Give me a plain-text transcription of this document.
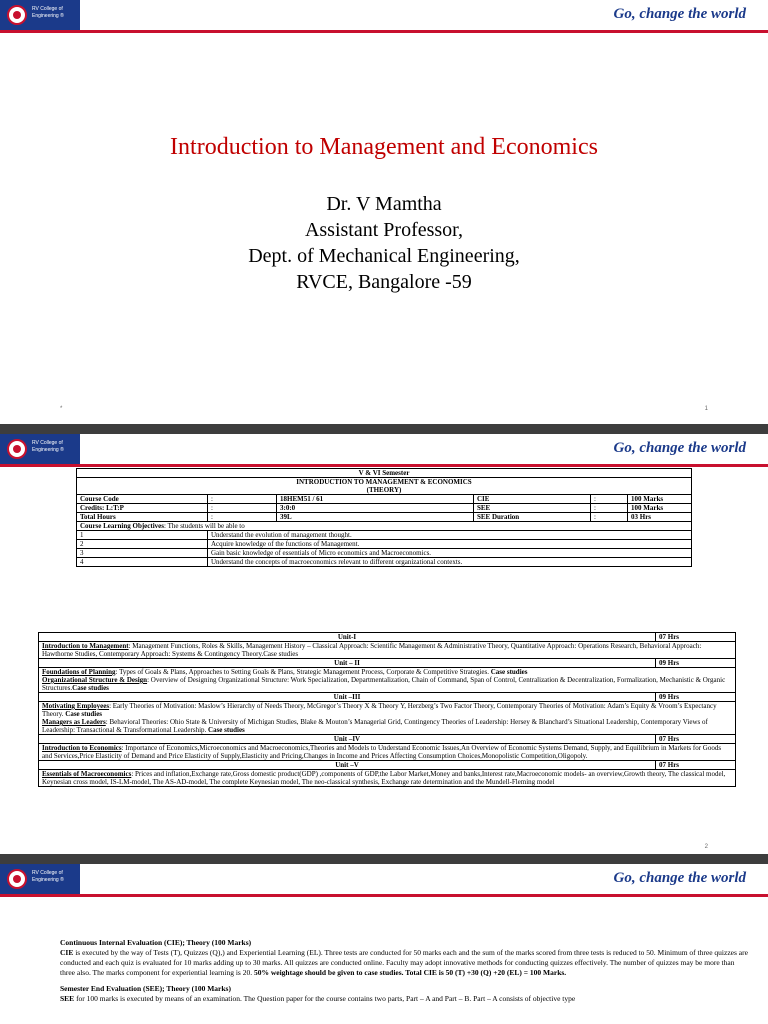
RV College of Engineering ®	Go, change the world
Introduction to Management and Economics
Dr. V Mamtha
Assistant Professor,
Dept. of Mechanical Engineering,
RVCE, Bangalore -59
*	1
RV College of Engineering ®	Go, change the world
V & VI Semester					
INTRODUCTION TO MANAGEMENT & ECONOMICS
(THEORY)					
Course Code	:	18HEM51 / 61	CIE	:	100 Marks
Credits: L:T:P	:	3:0:0	SEE	:	100 Marks
Total Hours	:	39L	SEE Duration	:	03 Hrs
Course Learning Objectives: The students will be able to					
1	Understand the evolution of management thought.				
2	Acquire knowledge of the functions of Management.				
3	Gain basic knowledge of essentials of Micro economics and Macroeconomics.				
4	Understand the concepts of macroeconomics relevant to different organizational contexts.				
Unit-I	07 Hrs
Introduction to Management: Management Functions, Roles & Skills, Management History – Classical Approach: Scientific Management & Administrative Theory, Quantitative Approach: Operations Research, Behavioral Approach: Hawthorne Studies, Contemporary Approach: Systems & Contingency Theory.Case studies	
Unit – II	09 Hrs
Foundations of Planning: Types of Goals & Plans, Approaches to Setting Goals & Plans, Strategic Management Process, Corporate & Competitive Strategies. Case studies
Organizational Structure & Design: Overview of Designing Organizational Structure: Work Specialization, Departmentalization, Chain of Command, Span of Control, Centralization & Decentralization, Formalization, Mechanistic & Organic Structures.Case studies	
Unit –III	09 Hrs
Motivating Employees: Early Theories of Motivation: Maslow’s Hierarchy of Needs Theory, McGregor’s Theory X & Theory Y, Herzberg’s Two Factor Theory, Contemporary Theories of Motivation: Adam’s Equity & Vroom’s Expectancy Theory. Case studies
Managers as Leaders: Behavioral Theories: Ohio State & University of Michigan Studies, Blake & Mouton’s Managerial Grid, Contingency Theories of Leadership: Hersey & Blanchard’s Situational Leadership, Contemporary Views of Leadership: Transactional & Transformational Leadership. Case studies	
Unit –IV	07 Hrs
Introduction to Economics: Importance of Economics,Microeconomics and Macroeconomics,Theories and Models to Understand Economic Issues,An Overview of Economic Systems Demand, Supply, and Equilibrium in Markets for Goods and Services,Price Elasticity of Demand and Price Elasticity of Supply,Elasticity and Pricing,Changes in Income and Prices Affecting Consumption Choices,Monopolistic Competition,Oligopoly.	
Unit –V	07 Hrs
Essentials of Macroeconomics: Prices and inflation,Exchange rate,Gross domestic product(GDP) ,components of GDP,the Labor Market,Money and banks,Interest rate,Macroeconomic models- an overview,Growth theory, The classical model, Keynesian cross model, IS-LM-model, The AS-AD-model, The complete Keynesian model, The neo-classical synthesis, Exchange rate determination and the Mundell-Fleming model	
2
RV College of Engineering ®	Go, change the world

Continuous Internal Evaluation (CIE); Theory (100 Marks)
CIE is executed by the way of Tests (T), Quizzes (Q),) and Experiential Learning (EL). Three tests are conducted for 50 marks each and the sum of the marks scored from three tests is reduced to 50. Minimum of three quizzes are conducted and each quiz is evaluated for 10 marks adding up to 30 marks. All quizzes are conducted online. Faculty may adopt innovative methods for conducting quizzes effectively. The number of quizzes may be more than three also. The marks component for experiential learning is 20. 50% weightage should be given to case studies. Total CIE is 50 (T) +30 (Q) +20 (EL) = 100 Marks.

Semester End Evaluation (SEE); Theory (100 Marks)
SEE for 100 marks is executed by means of an examination. The Question paper for the course contains two parts, Part – A and Part – B. Part – A consists of objective type
